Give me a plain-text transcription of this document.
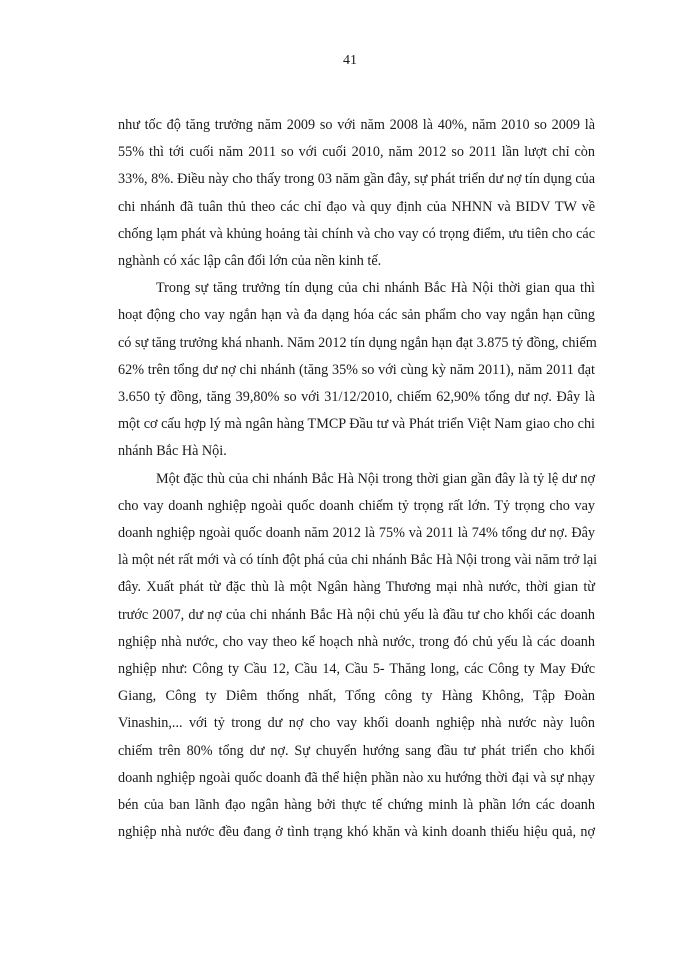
41
như tốc độ tăng trưởng năm 2009 so với năm 2008 là 40%, năm 2010 so 2009 là
55% thì tới cuối năm 2011 so với cuối 2010, năm 2012 so 2011 lần lượt chỉ còn
33%, 8%. Điều này cho thấy trong 03 năm gần đây, sự phát triển dư nợ tín dụng của
chi nhánh đã tuân thủ theo các chỉ đạo và quy định của NHNN và BIDV TW về
chống lạm phát và khủng hoảng tài chính và cho vay có trọng điểm, ưu tiên cho các
nghành có xác lập cân đối lớn của nền kinh tế.
Trong sự tăng trưởng tín dụng của chi nhánh Bắc Hà Nội thời gian qua thì
hoạt động cho vay ngắn hạn và đa dạng hóa các sản phẩm cho vay ngắn hạn cũng
có sự tăng trưởng khá nhanh. Năm 2012 tín dụng ngắn hạn đạt 3.875 tỷ đồng, chiếm
62% trên tổng dư nợ chi nhánh (tăng 35% so với cùng kỳ năm 2011), năm 2011 đạt
3.650 tỷ đồng, tăng 39,80% so với 31/12/2010, chiếm 62,90% tổng dư nợ. Đây là
một cơ cấu hợp lý mà ngân hàng TMCP Đầu tư và Phát triển Việt Nam giao cho chi
nhánh Bắc Hà Nội.
Một đặc thù của chi nhánh Bắc Hà Nội trong thời gian gần đây là tỷ lệ dư nợ
cho vay doanh nghiệp ngoài quốc doanh chiếm tỷ trọng rất lớn. Tỷ trọng cho vay
doanh nghiệp ngoài quốc doanh năm 2012 là 75% và 2011 là 74% tổng dư nợ. Đây
là một nét rất mới và có tính đột phá của chi nhánh Bắc Hà Nội trong vài năm trở lại
đây. Xuất phát từ đặc thù là một Ngân hàng Thương mại nhà nước, thời gian từ
trước 2007, dư nợ của chi nhánh Bắc Hà nội chủ yếu là đầu tư cho khối các doanh
nghiệp nhà nước, cho vay theo kế hoạch nhà nước, trong đó chủ yếu là các doanh
nghiệp như: Công ty Cầu 12, Cầu 14, Cầu 5- Thăng long, các Công ty May Đức
Giang, Công ty Diêm thống nhất, Tổng công ty Hàng Không, Tập Đoàn
Vinashin,... với tỷ trong dư nợ cho vay khối doanh nghiệp nhà nước này luôn
chiếm trên 80% tổng dư nợ. Sự chuyển hướng sang đầu tư phát triển cho khối
doanh nghiệp ngoài quốc doanh đã thể hiện phần nào xu hướng thời đại và sự nhạy
bén của ban lãnh đạo ngân hàng bởi thực tế chứng minh là phần lớn các doanh
nghiệp nhà nước đều đang ở tình trạng khó khăn và kinh doanh thiếu hiệu quả, nợ
